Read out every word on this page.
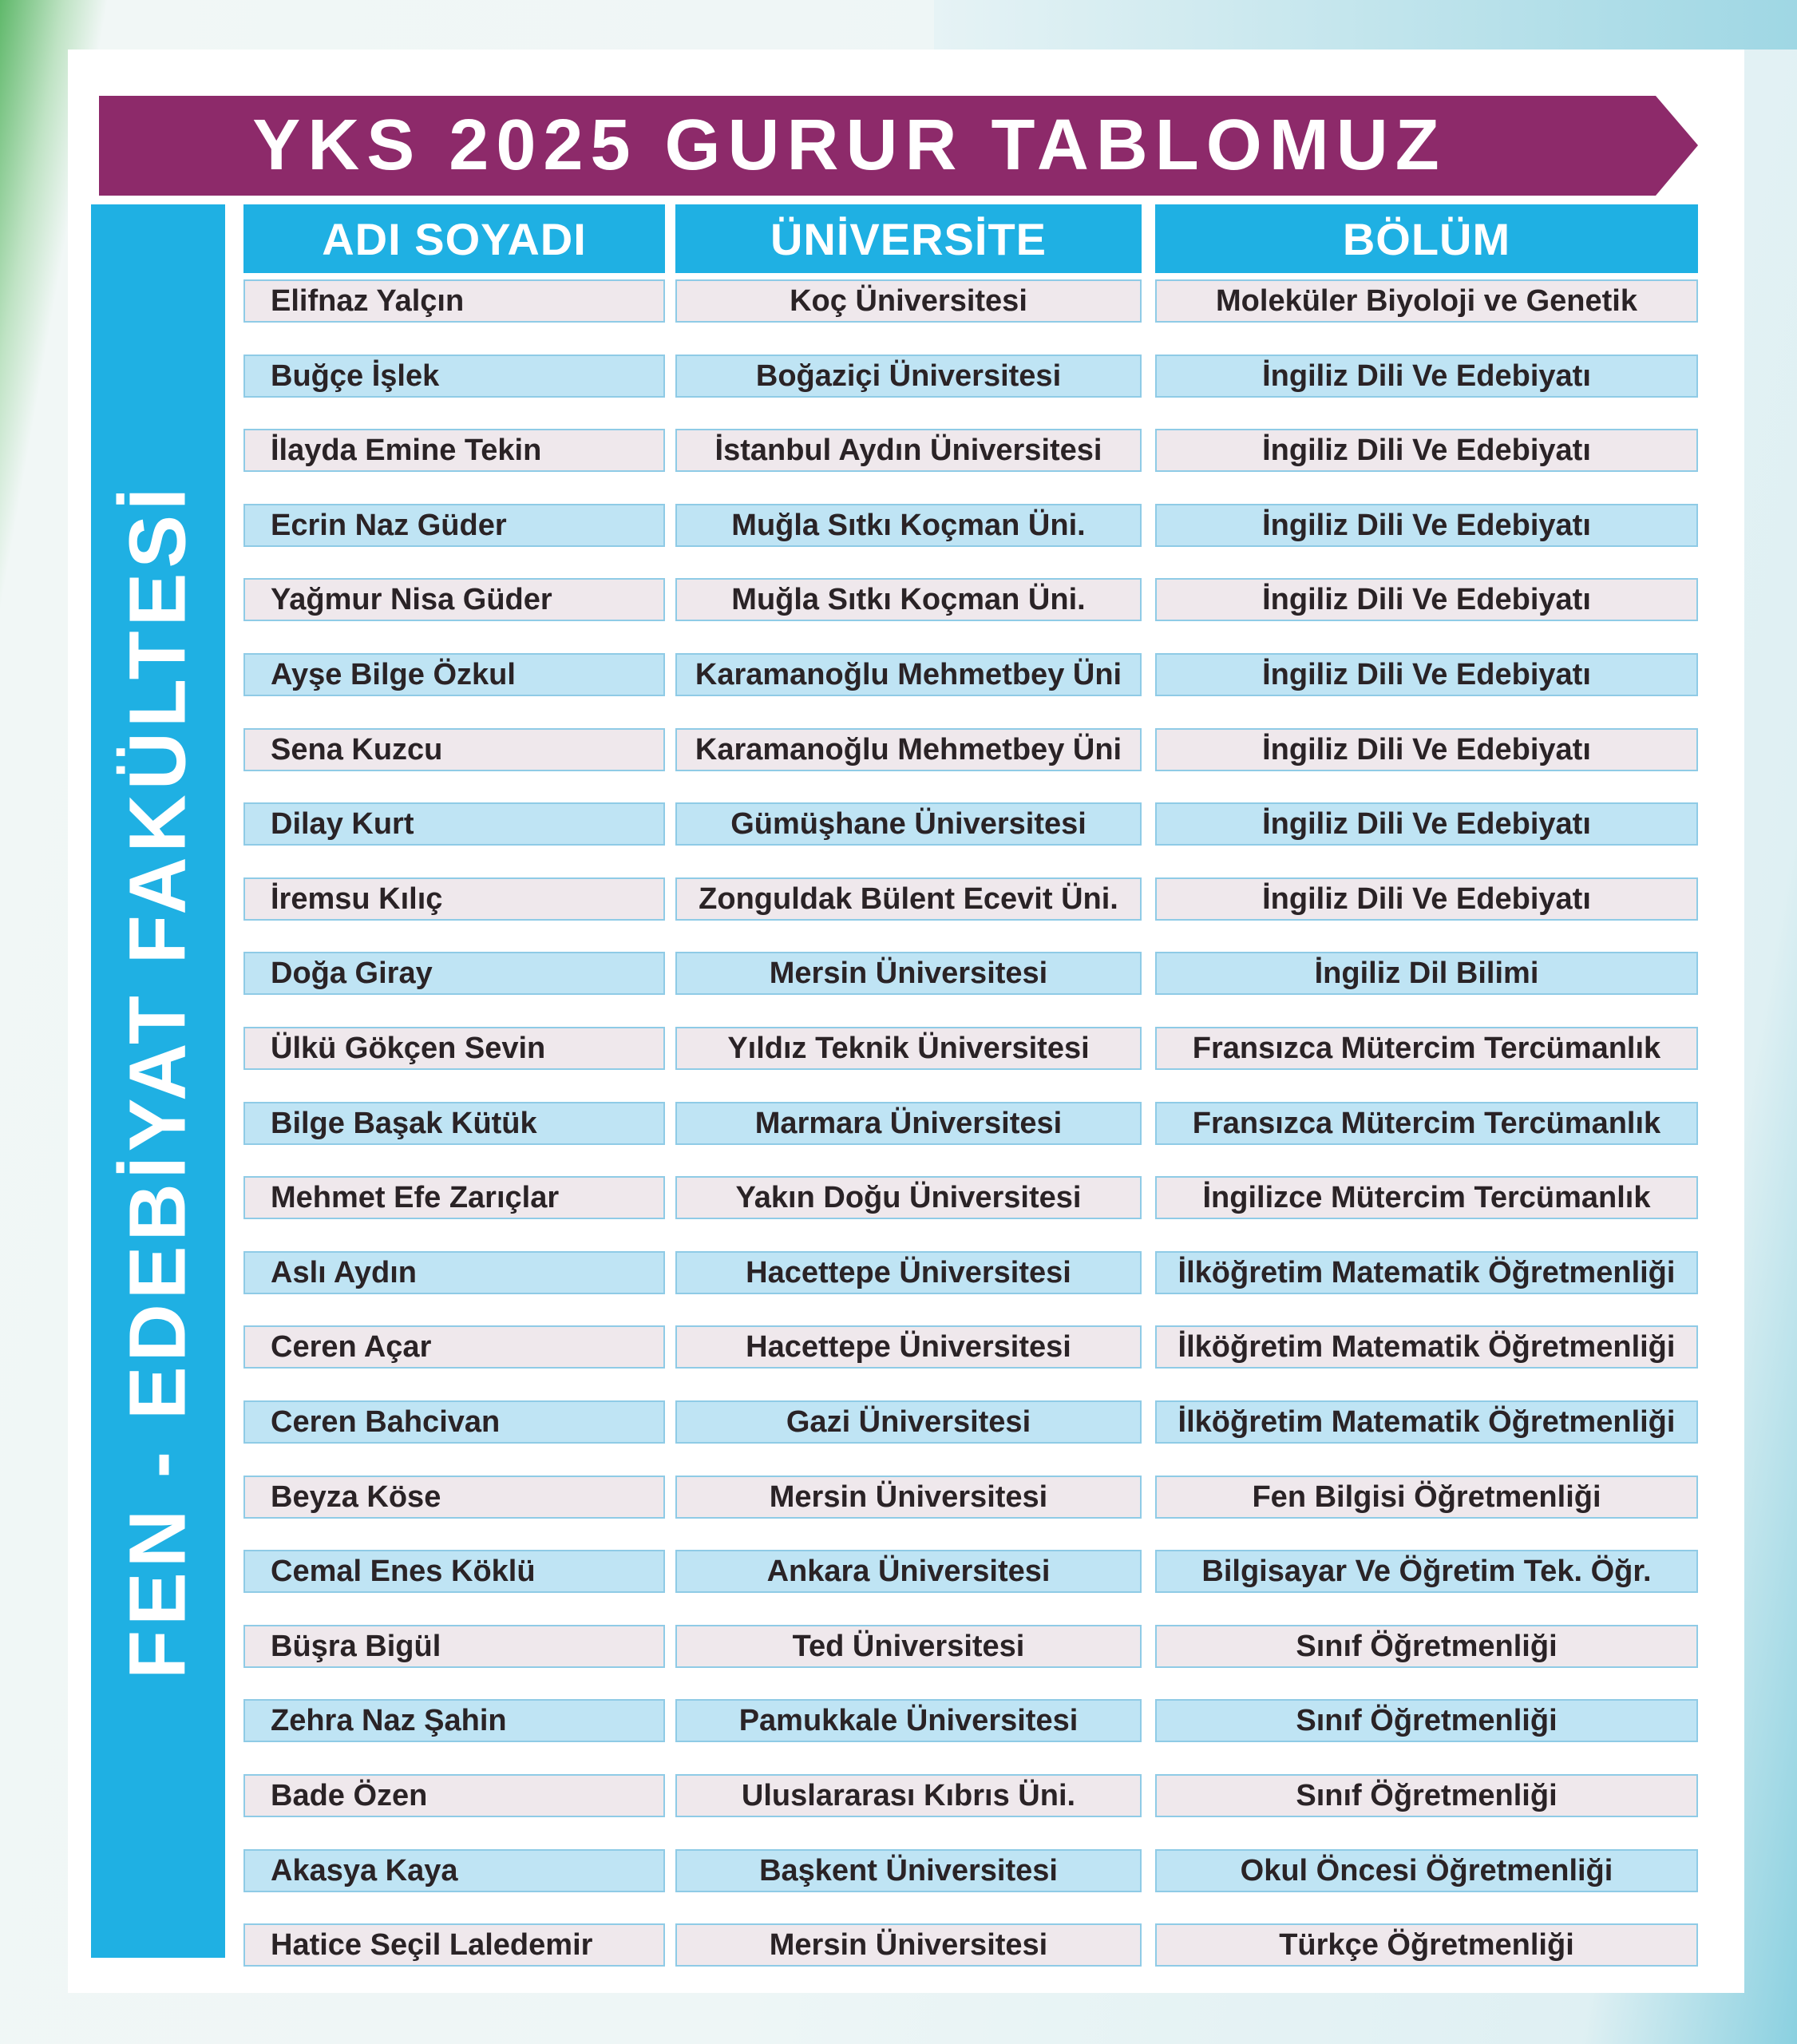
YKS 2025 GURUR TABLOMUZ
FEN - EDEBİYAT FAKÜLTESİ
ADI SOYADI	ÜNİVERSİTE	BÖLÜM
Elifnaz Yalçın	Koç Üniversitesi	Moleküler Biyoloji ve Genetik
Buğçe İşlek	Boğaziçi Üniversitesi	İngiliz Dili Ve Edebiyatı
İlayda Emine Tekin	İstanbul Aydın Üniversitesi	İngiliz Dili Ve Edebiyatı
Ecrin Naz Güder	Muğla Sıtkı Koçman Üni.	İngiliz Dili Ve Edebiyatı
Yağmur Nisa Güder	Muğla Sıtkı Koçman Üni.	İngiliz Dili Ve Edebiyatı
Ayşe Bilge Özkul	Karamanoğlu Mehmetbey Üni	İngiliz Dili Ve Edebiyatı
Sena Kuzcu	Karamanoğlu Mehmetbey Üni	İngiliz Dili Ve Edebiyatı
Dilay Kurt	Gümüşhane Üniversitesi	İngiliz Dili Ve Edebiyatı
İremsu Kılıç	Zonguldak Bülent Ecevit Üni.	İngiliz Dili Ve Edebiyatı
Doğa Giray	Mersin Üniversitesi	İngiliz Dil Bilimi
Ülkü Gökçen Sevin	Yıldız Teknik Üniversitesi	Fransızca Mütercim Tercümanlık
Bilge Başak Kütük	Marmara Üniversitesi	Fransızca Mütercim Tercümanlık
Mehmet Efe Zarıçlar	Yakın Doğu Üniversitesi	İngilizce Mütercim Tercümanlık
Aslı Aydın	Hacettepe Üniversitesi	İlköğretim Matematik Öğretmenliği
Ceren Açar	Hacettepe Üniversitesi	İlköğretim Matematik Öğretmenliği
Ceren Bahcivan	Gazi Üniversitesi	İlköğretim Matematik Öğretmenliği
Beyza Köse	Mersin Üniversitesi	Fen Bilgisi Öğretmenliği
Cemal Enes Köklü	Ankara Üniversitesi	Bilgisayar Ve Öğretim Tek. Öğr.
Büşra Bigül	Ted Üniversitesi	Sınıf Öğretmenliği
Zehra Naz Şahin	Pamukkale Üniversitesi	Sınıf Öğretmenliği
Bade Özen	Uluslararası Kıbrıs Üni.	Sınıf Öğretmenliği
Akasya Kaya	Başkent Üniversitesi	Okul Öncesi Öğretmenliği
Hatice Seçil Laledemir	Mersin Üniversitesi	Türkçe Öğretmenliği
